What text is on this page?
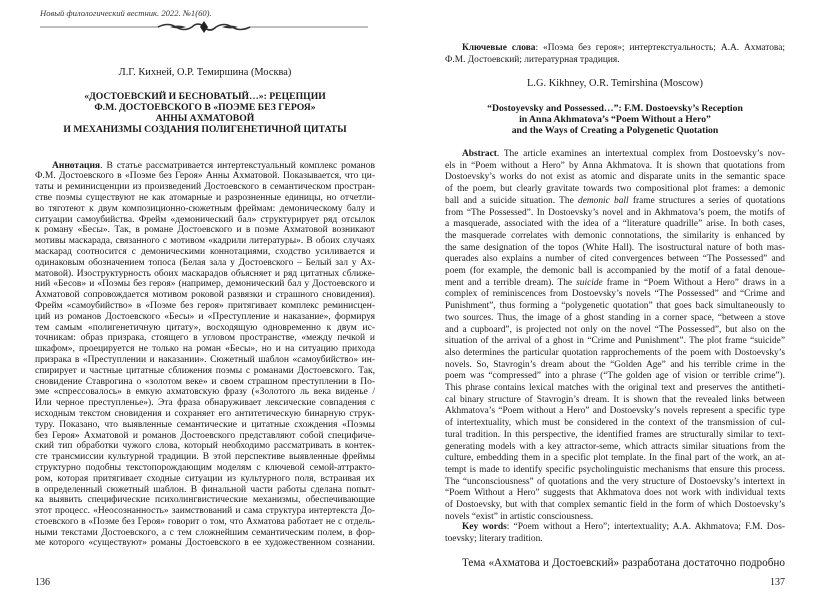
Новый филологический вестник. 2022. №1(60).
Л.Г. Кихней, О.Р. Темиршина (Москва)
«ДОСТОЕВСКИЙ И БЕСНОВАТЫЙ…»: РЕЦЕПЦИИ
Ф.М. ДОСТОЕВСКОГО В «ПОЭМЕ БЕЗ ГЕРОЯ»
АННЫ АХМАТОВОЙ
И МЕХАНИЗМЫ СОЗДАНИЯ ПОЛИГЕНЕТИЧНОЙ ЦИТАТЫ
Аннотация. В статье рассматривается интертекстуальный комплекс романов
Ф.М. Достоевского в «Поэме без Героя» Анны Ахматовой. Показывается, что ци-
таты и реминисценции из произведений Достоевского в семантическом простран-
стве поэмы существуют не как атомарные и разрозненные единицы, но отчетли-
во тяготеют к двум композиционно-сюжетным фреймам: демоническому балу и
ситуации самоубийства. Фрейм «демонический бал» структурирует ряд отсылок
к роману «Бесы». Так, в романе Достоевского и в поэме Ахматовой возникают
мотивы маскарада, связанного с мотивом «кадрили литературы». В обоих случаях
маскарад соотносится с демоническими коннотациями, сходство усиливается и
одинаковым обозначением топоса (Белая зала у Достоевского – Белый зал у Ах-
матовой). Изоструктурность обоих маскарадов объясняет и ряд цитатных сближе-
ний «Бесов» и «Поэмы без героя» (например, демонический бал у Достоевского и
Ахматовой сопровождается мотивом роковой развязки и страшного сновидения).
Фрейм «самоубийство» в «Поэме без героя» притягивает комплекс реминисцен-
ций из романов Достоевского «Бесы» и «Преступление и наказание», формируя
тем самым «полигенетичную цитату», восходящую одновременно к двум ис-
точникам: образ призрака, стоящего в угловом пространстве, «между печкой и
шкафом», проецируется не только на роман «Бесы», но и на ситуацию прихода
призрака в «Преступлении и наказании». Сюжетный шаблон «самоубийство» ин-
спирирует и частные цитатные сближения поэмы с романами Достоевского. Так,
сновидение Ставрогина о «золотом веке» и своем страшном преступлении в По-
эме «спрессовалось» в емкую ахматовскую фразу («Золотого ль века виденье /
Или черное преступленье»). Эта фраза обнаруживает лексические совпадения с
исходным текстом сновидения и сохраняет его антитетическую бинарную струк-
туру. Показано, что выявленные семантические и цитатные схождения «Поэмы
без Героя» Ахматовой и романов Достоевского представляют собой специфиче-
ский тип обработки чужого слова, который необходимо рассматривать в контек-
сте трансмиссии культурной традиции. В этой перспективе выявленные фреймы
структурно подобны текстопорождающим моделям с ключевой семой-аттракто-
ром, которая притягивает сходные ситуации из культурного поля, встраивая их
в определенный сюжетный шаблон. В финальной части работы сделана попыт-
ка выявить специфические психолингвистические механизмы, обеспечивающие
этот процесс. «Неосознанность» заимствований и сама структура интертекста До-
стоевского в «Поэме без Героя» говорит о том, что Ахматова работает не с отдель-
ными текстами Достоевского, а с тем сложнейшим семантическим полем, в фор-
ме которого «существуют» романы Достоевского в ее художественном сознании.
136
Ключевые слова: «Поэма без героя»; интертекстуальность; А.А. Ахматова;
Ф.М. Достоевский; литературная традиция.
L.G. Kikhney, O.R. Temirshina (Moscow)
“Dostoyevsky and Possessed…”: F.M. Dostoevsky’s Reception
in Anna Akhmatova’s “Poem Without a Hero”
and the Ways of Creating a Polygenetic Quotation
Abstract. The article examines an intertextual complex from Dostoevsky’s nov-
els in “Poem without a Hero” by Anna Akhmatova. It is shown that quotations from
Dostoevsky’s works do not exist as atomic and disparate units in the semantic space
of the poem, but clearly gravitate towards two compositional plot frames: a demonic
ball and a suicide situation. The demonic ball frame structures a series of quotations
from “The Possessed”. In Dostoevsky’s novel and in Akhmatova’s poem, the motifs of
a masquerade, associated with the idea of a “literature quadrille” arise. In both cases,
the masquerade correlates with demonic connotations, the similarity is enhanced by
the same designation of the topos (White Hall). The isostructural nature of both mas-
querades also explains a number of cited convergences between “The Possessed” and
poem (for example, the demonic ball is accompanied by the motif of a fatal denoue-
ment and a terrible dream). The suicide frame in “Poem Without a Hero” draws in a
complex of reminiscences from Dostoevsky’s novels “The Possessed” and “Crime and
Punishment”, thus forming a “polygenetic quotation” that goes back simultaneously to
two sources. Thus, the image of a ghost standing in a corner space, “between a stove
and a cupboard”, is projected not only on the novel “The Possessed”, but also on the
situation of the arrival of a ghost in “Crime and Punishment”. The plot frame “suicide”
also determines the particular quotation rapprochements of the poem with Dostoevsky’s
novels. So, Stavrogin’s dream about the “Golden Age” and his terrible crime in the
poem was “compressed” into a phrase (“The golden age of vision or terrible crime”).
This phrase contains lexical matches with the original text and preserves the antitheti-
cal binary structure of Stavrogin’s dream. It is shown that the revealed links between
Akhmatova’s “Poem without a Hero” and Dostoevsky’s novels represent a specific type
of intertextuality, which must be considered in the context of the transmission of cul-
tural tradition. In this perspective, the identified frames are structurally similar to text-
generating models with a key attractor-seme, which attracts similar situations from the
culture, embedding them in a specific plot template. In the final part of the work, an at-
tempt is made to identify specific psycholinguistic mechanisms that ensure this process.
The “unconsciousness” of quotations and the very structure of Dostoevsky’s intertext in
“Poem Without a Hero” suggests that Akhmatova does not work with individual texts
of Dostoevsky, but with that complex semantic field in the form of which Dostoevsky’s
novels “exist” in artistic consciousness.
Key words: “Poem without a Hero”; intertextuality; A.A. Akhmatova; F.M. Dos-
toevsky; literary tradition.
Тема «Ахматова и Достоевский» разработана достаточно подробно
137
